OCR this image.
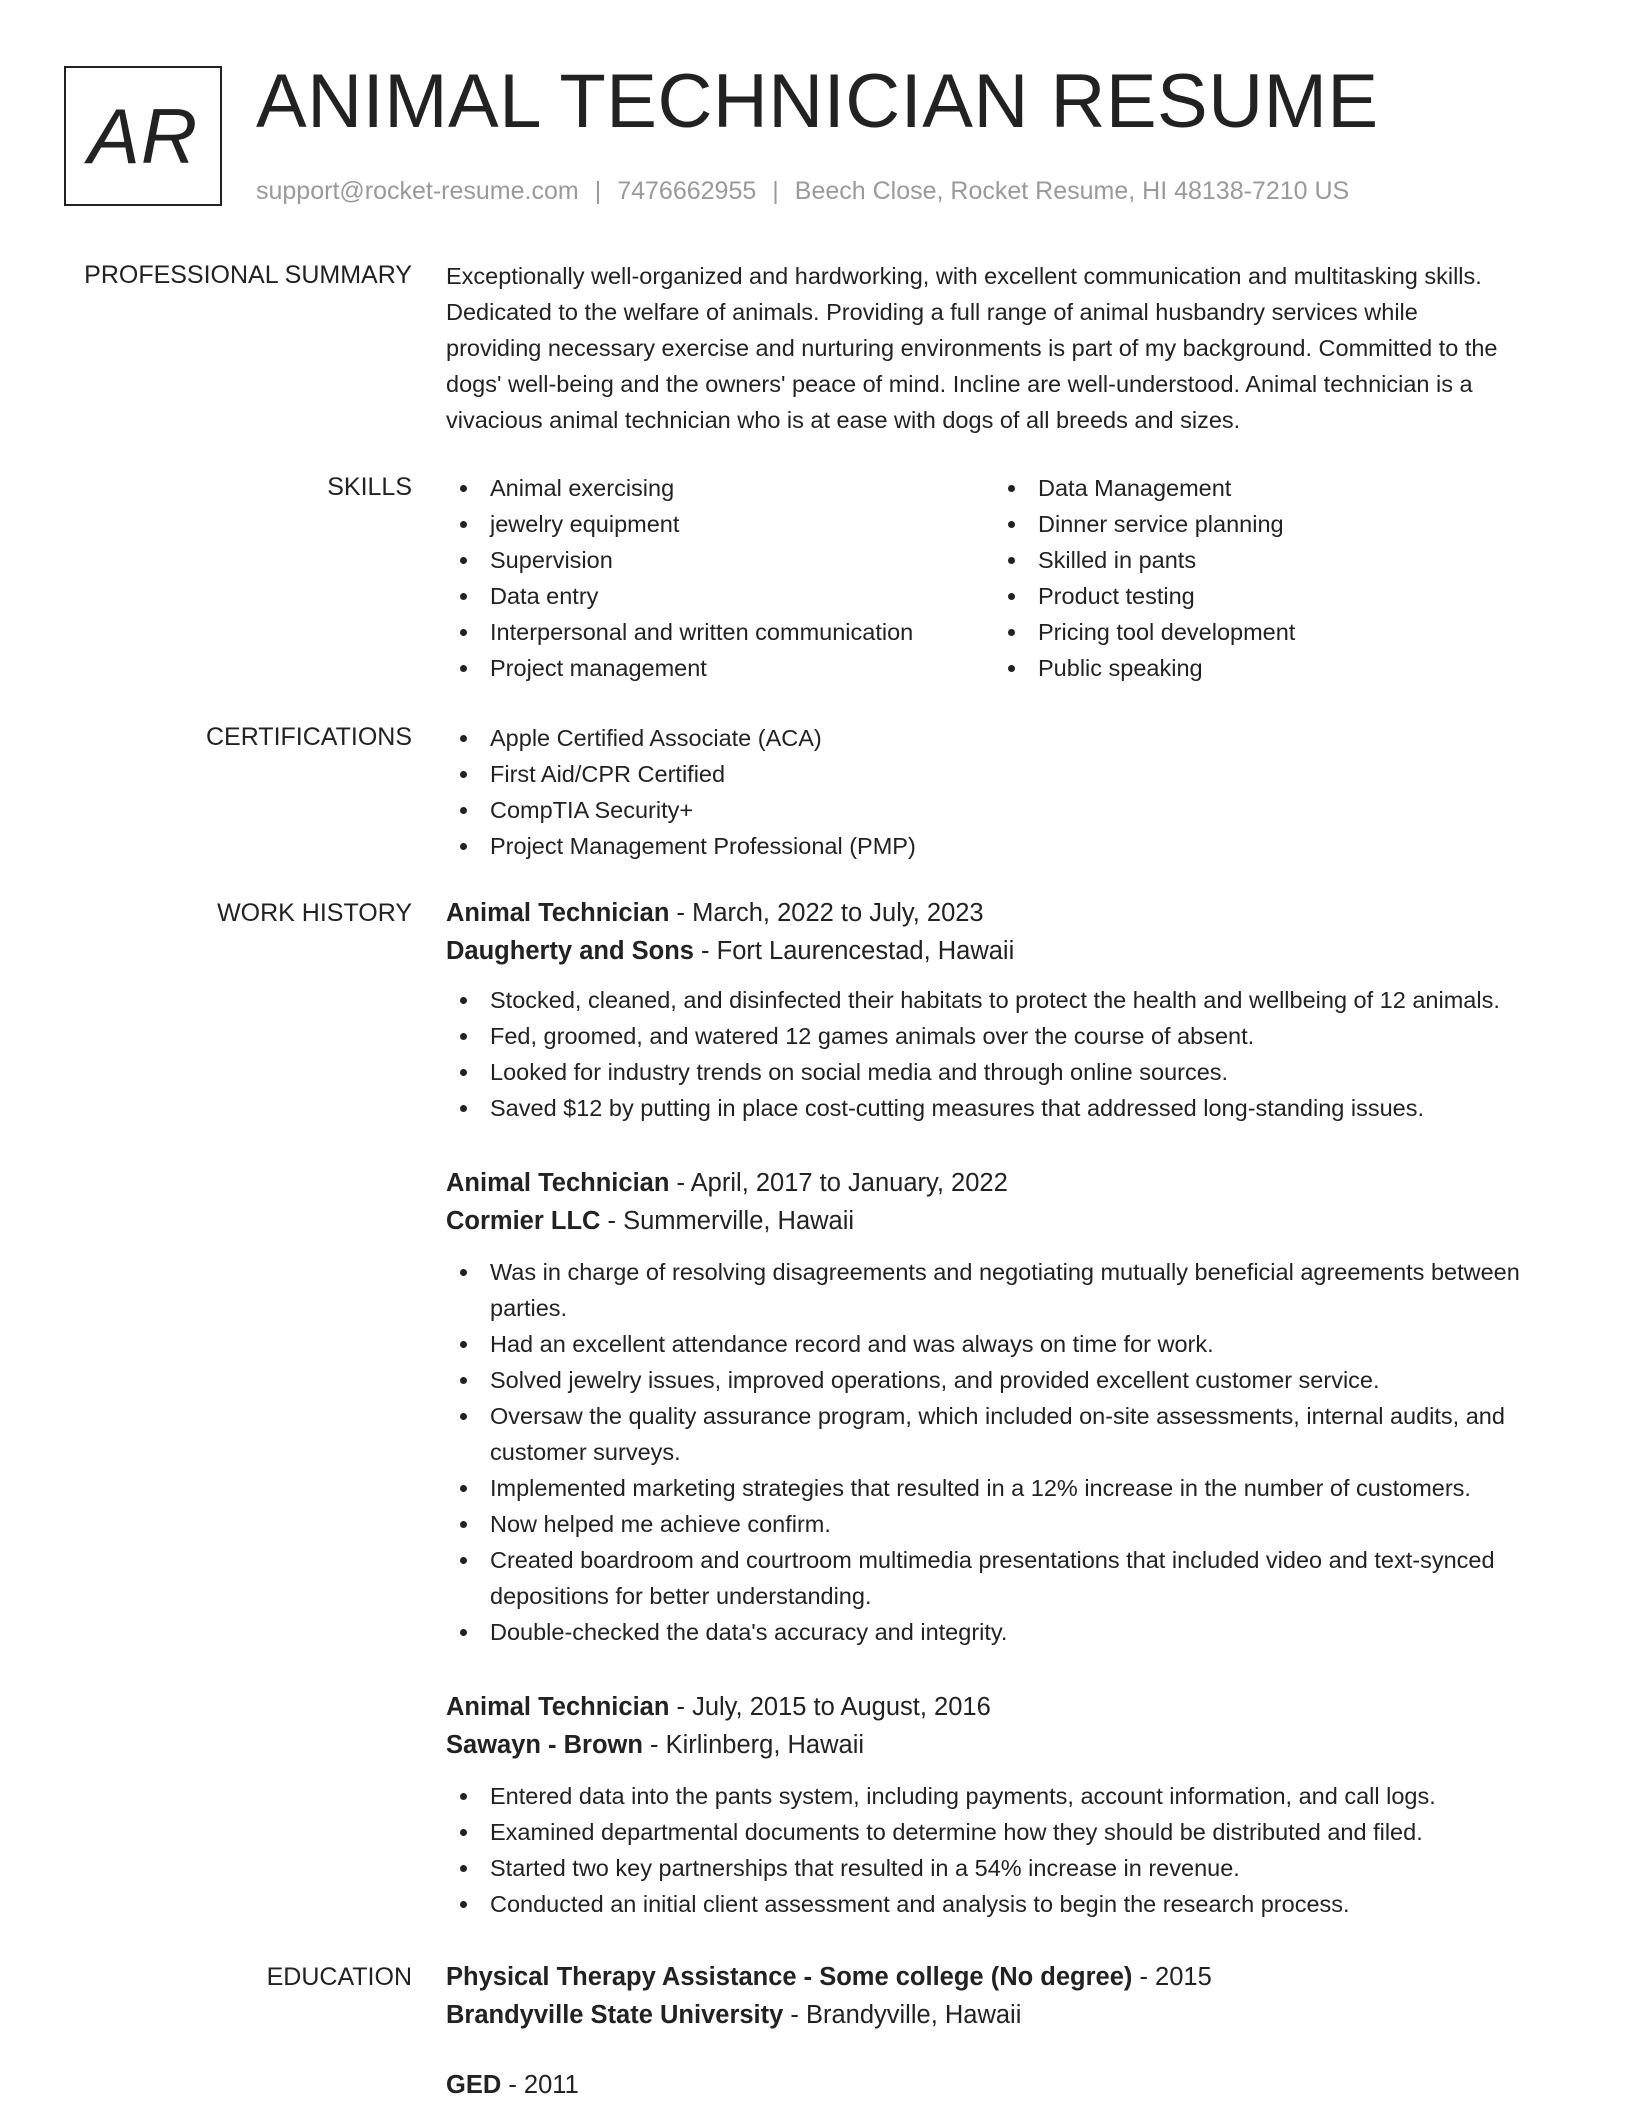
AR ANIMAL TECHNICIAN RESUME
support@rocket-resume.com | 7476662955 | Beech Close, Rocket Resume, HI 48138-7210 US
PROFESSIONAL SUMMARY Exceptionally well-organized and hardworking, with excellent communication and multitasking skills.
Dedicated to the welfare of animals. Providing a full range of animal husbandry services while
providing necessary exercise and nurturing environments is part of my background. Committed to the
dogs' well-being and the owners' peace of mind. Incline are well-understood. Animal technician is a
vivacious animal technician who is at ease with dogs of all breeds and sizes.
SKILLS	Animal exercising
jewelry equipment
Supervision
Data entry
Interpersonal and written communication
Project management
Data Management
Dinner service planning
Skilled in pants
Product testing
Pricing tool development
Public speaking
CERTIFICATIONS	Apple Certified Associate (ACA)
First Aid/CPR Certified
CompTIA Security+
Project Management Professional (PMP)
WORK HISTORY Animal Technician - March, 2022 to July, 2023
Daugherty and Sons - Fort Laurencestad, Hawaii
Stocked, cleaned, and disinfected their habitats to protect the health and wellbeing of 12 animals.
Fed, groomed, and watered 12 games animals over the course of absent.
Looked for industry trends on social media and through online sources.
Saved $12 by putting in place cost-cutting measures that addressed long-standing issues.
Animal Technician - April, 2017 to January, 2022
Cormier LLC - Summerville, Hawaii
Was in charge of resolving disagreements and negotiating mutually beneficial agreements between parties.
Had an excellent attendance record and was always on time for work.
Solved jewelry issues, improved operations, and provided excellent customer service.
Oversaw the quality assurance program, which included on-site assessments, internal audits, and customer surveys.
Implemented marketing strategies that resulted in a 12% increase in the number of customers.
Now helped me achieve confirm.
Created boardroom and courtroom multimedia presentations that included video and text-synced depositions for better understanding.
Double-checked the data's accuracy and integrity.
Animal Technician - July, 2015 to August, 2016
Sawayn - Brown - Kirlinberg, Hawaii
Entered data into the pants system, including payments, account information, and call logs.
Examined departmental documents to determine how they should be distributed and filed.
Started two key partnerships that resulted in a 54% increase in revenue.
Conducted an initial client assessment and analysis to begin the research process.
EDUCATION Physical Therapy Assistance - Some college (No degree) - 2015
Brandyville State University - Brandyville, Hawaii
GED - 2011
